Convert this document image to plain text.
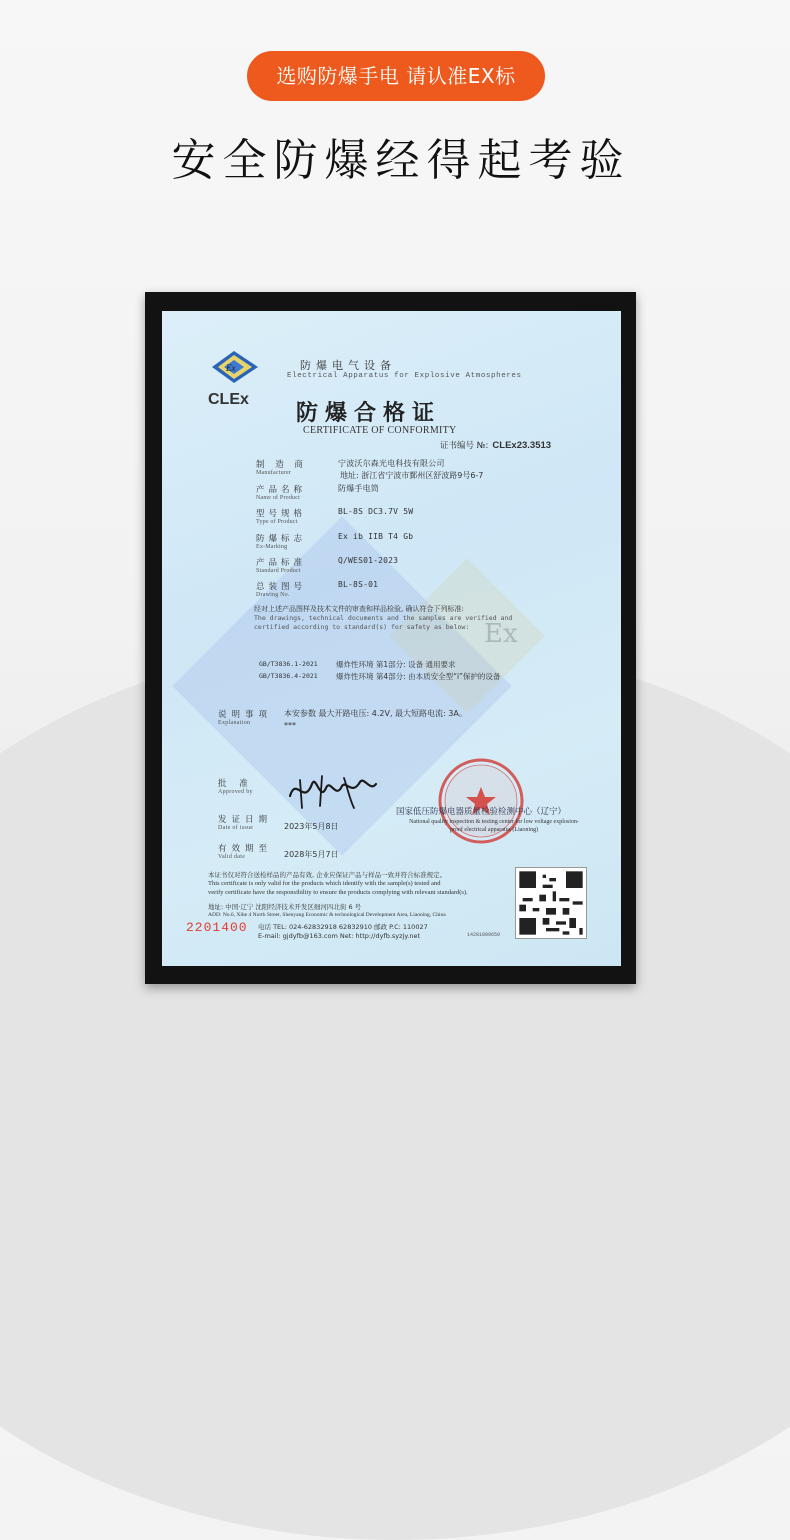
选购防爆手电 请认准EX标
安全防爆经得起考验
Ex
Ex
CLEx
防爆电气设备
Electrical Apparatus for Explosive Atmospheres
防爆合格证
CERTIFICATE OF CONFORMITY
证书编号 №: CLEx23.3513
制 造 商
Manufacturer
宁波沃尔森光电科技有限公司
地址: 浙江省宁波市鄞州区舒波路9号6-7
产品名称
Name of Product
防爆手电筒
型号规格
Type of Product
BL-8S DC3.7V 5W
防爆标志
Ex-Marking
Ex ib IIB T4 Gb
产品标准
Standard Product
Q/WES01-2023
总装图号
Drawing No.
BL-8S-01
经对上述产品图样及技术文件的审查和样品检验, 确认符合下列标准:
The drawings, technical documents and the samples are verified and certified according to standard(s) for safety as below:
GB/T3836.1-2021 爆炸性环境 第1部分: 设备 通用要求
GB/T3836.4-2021 爆炸性环境 第4部分: 由本质安全型“i”保护的设备
说明事项
Explanation
本安参数 最大开路电压: 4.2V, 最大短路电流: 3A。
***
批 准
Approved by
国家低压防爆电器质量检验检测中心（辽宁）
National quality inspection & testing center for low voltage explosion-proof electrical apparatus (Liaoning)
发证日期
Date of issue	2023年5月8日
有效期至
Valid date	2028年5月7日
本证书仅对符合送检样品的产品有效, 企业应保证产品与样品一致并符合标准规定。
This certificate is only valid for the products which identify with the sample(s) tested and
verify certificate have the responsibility to ensure the products complying with relevant standard(s).
地址: 中国·辽宁 沈阳经济技术开发区细河四北街 6 号
ADD: No.6, Xihe 4 North Street, Shenyang Economic & technological Development Area, Liaoning, China
电话 TEL: 024-62832918 62832910 邮政 P.C: 110027
E-mail: gjdyfb@163.com Net: http://dyfb.syzjy.net
2201400	14281009650
